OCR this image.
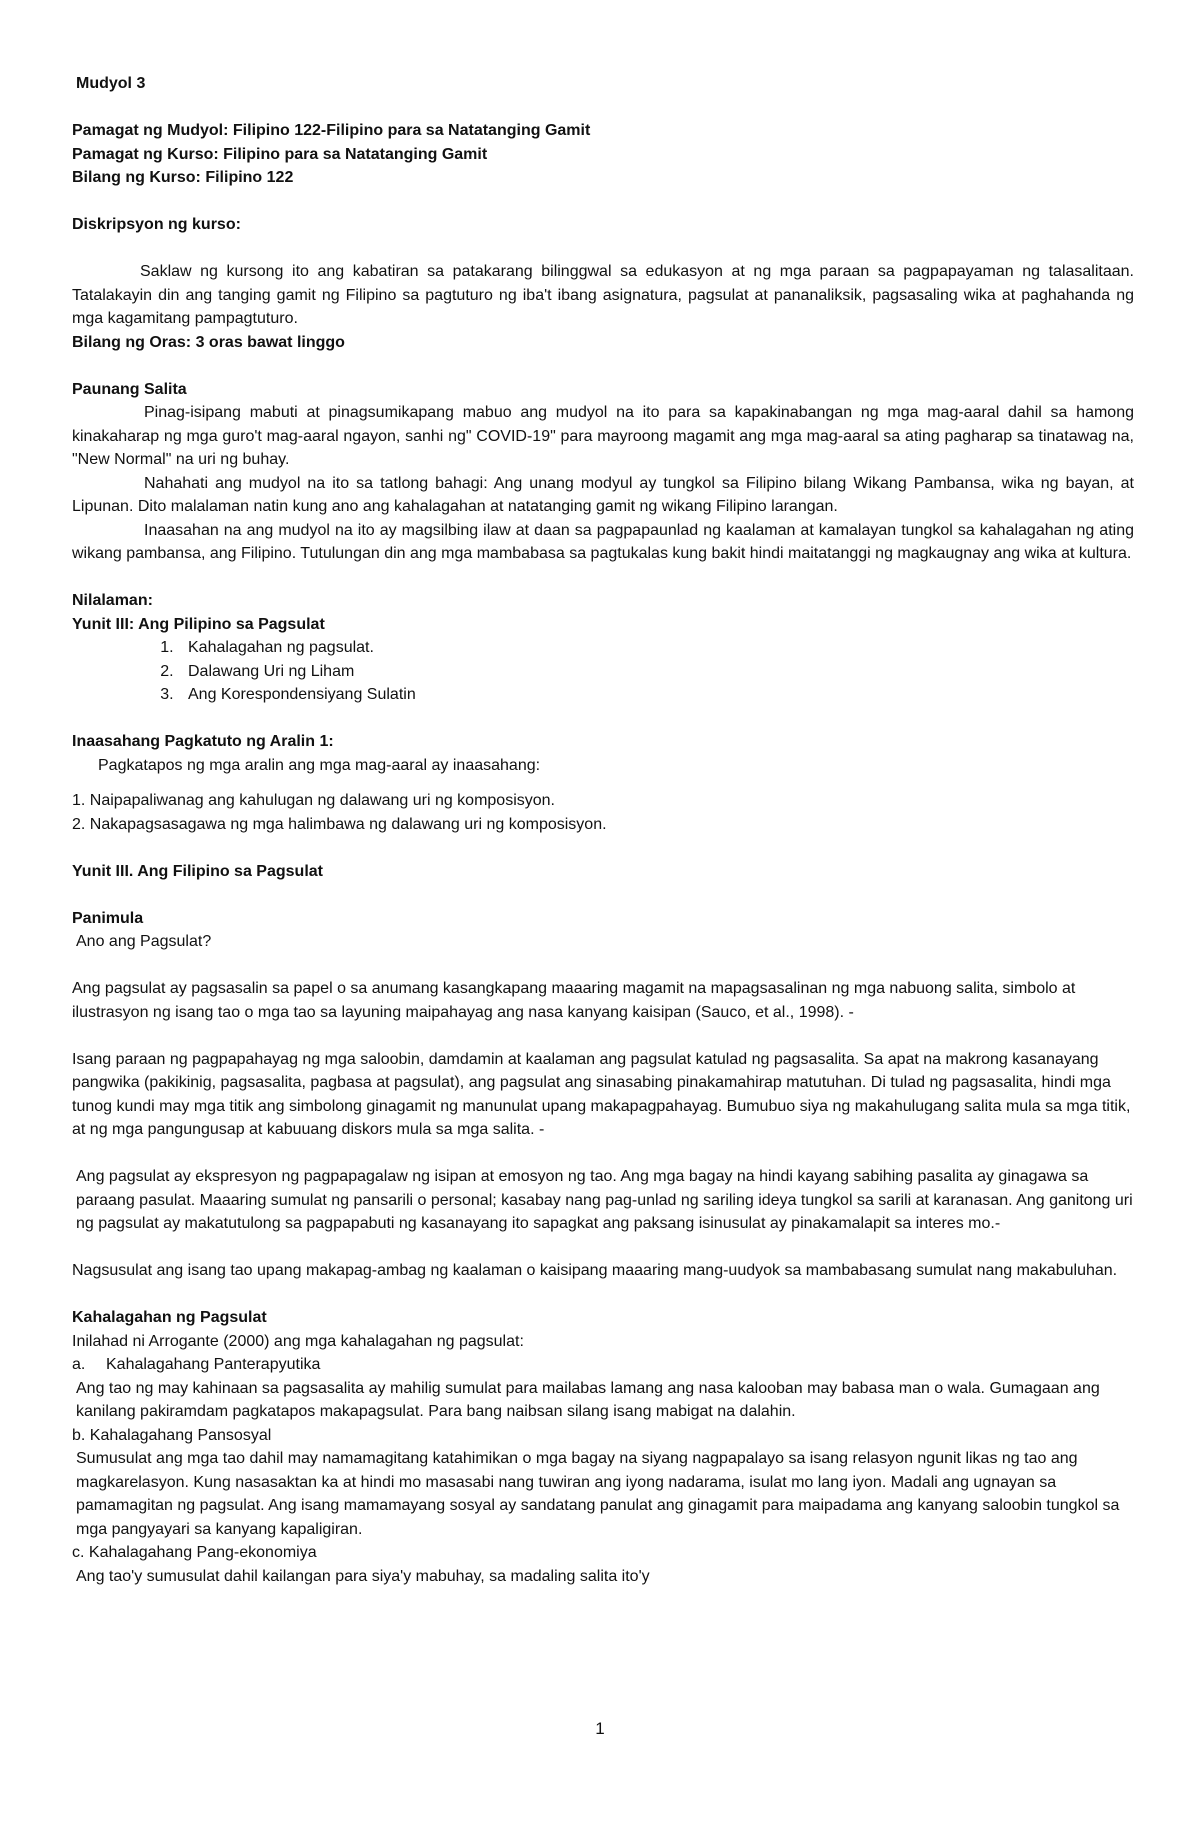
Mudyol 3
Pamagat ng Mudyol: Filipino 122-Filipino para sa Natatanging Gamit
Pamagat ng Kurso: Filipino para sa Natatanging Gamit
Bilang ng Kurso: Filipino 122
Diskripsyon ng kurso:
Saklaw ng kursong ito ang kabatiran sa patakarang bilinggwal sa edukasyon at ng mga paraan sa pagpapayaman ng talasalitaan. Tatalakayin din ang tanging gamit ng Filipino sa pagtuturo ng iba't ibang asignatura, pagsulat at pananaliksik, pagsasaling wika at paghahanda ng mga kagamitang pampagtuturo.
Bilang ng Oras: 3 oras bawat linggo
Paunang Salita
Pinag-isipang mabuti at pinagsumikapang mabuo ang mudyol na ito para sa kapakinabangan ng mga mag-aaral dahil sa hamong kinakaharap ng mga guro't mag-aaral ngayon, sanhi ng" COVID-19" para mayroong magamit ang mga mag-aaral sa ating pagharap sa tinatawag na, "New Normal" na uri ng buhay.
Nahahati ang mudyol na ito sa tatlong bahagi: Ang unang modyul ay tungkol sa Filipino bilang Wikang Pambansa, wika ng bayan, at Lipunan. Dito malalaman natin kung ano ang kahalagahan at natatanging gamit ng wikang Filipino larangan.
Inaasahan na ang mudyol na ito ay magsilbing ilaw at daan sa pagpapaunlad ng kaalaman at kamalayan tungkol sa kahalagahan ng ating wikang pambansa, ang Filipino. Tutulungan din ang mga mambabasa sa pagtukalas kung bakit hindi maitatanggi ng magkaugnay ang wika at kultura.
Nilalaman:
Yunit III: Ang Pilipino sa Pagsulat
1. Kahalagahan ng pagsulat.
2. Dalawang Uri ng Liham
3. Ang Korespondensiyang Sulatin
Inaasahang Pagkatuto ng Aralin 1:
Pagkatapos ng mga aralin ang mga mag-aaral ay inaasahang:
1. Naipapaliwanag ang kahulugan ng dalawang uri ng komposisyon.
2. Nakapagsasagawa ng mga halimbawa ng dalawang uri ng komposisyon.
Yunit III. Ang Filipino sa Pagsulat
Panimula
Ano ang Pagsulat?
Ang pagsulat ay pagsasalin sa papel o sa anumang kasangkapang maaaring magamit na mapagsasalinan ng mga nabuong salita, simbolo at ilustrasyon ng isang tao o mga tao sa layuning maipahayag ang nasa kanyang kaisipan (Sauco, et al., 1998). -
Isang paraan ng pagpapahayag ng mga saloobin, damdamin at kaalaman ang pagsulat katulad ng pagsasalita. Sa apat na makrong kasanayang pangwika (pakikinig, pagsasalita, pagbasa at pagsulat), ang pagsulat ang sinasabing pinakamahirap matutuhan. Di tulad ng pagsasalita, hindi mga tunog kundi may mga titik ang simbolong ginagamit ng manunulat upang makapagpahayag. Bumubuo siya ng makahulugang salita mula sa mga titik, at ng mga pangungusap at kabuuang diskors mula sa mga salita. -
Ang pagsulat ay ekspresyon ng pagpapagalaw ng isipan at emosyon ng tao. Ang mga bagay na hindi kayang sabihing pasalita ay ginagawa sa paraang pasulat. Maaaring sumulat ng pansarili o personal; kasabay nang pag-unlad ng sariling ideya tungkol sa sarili at karanasan. Ang ganitong uri ng pagsulat ay makatutulong sa pagpapabuti ng kasanayang ito sapagkat ang paksang isinusulat ay pinakamalapit sa interes mo.-
Nagsusulat ang isang tao upang makapag-ambag ng kaalaman o kaisipang maaaring mang-uudyok sa mambabasang sumulat nang makabuluhan.
Kahalagahan ng Pagsulat
Inilahad ni Arrogante (2000) ang mga kahalagahan ng pagsulat:
a.	Kahalagahang Panterapyutika
Ang tao ng may kahinaan sa pagsasalita ay mahilig sumulat para mailabas lamang ang nasa kalooban may babasa man o wala. Gumagaan ang kanilang pakiramdam pagkatapos makapagsulat. Para bang naibsan silang isang mabigat na dalahin.
b. Kahalagahang Pansosyal
Sumusulat ang mga tao dahil may namamagitang katahimikan o mga bagay na siyang nagpapalayo sa isang relasyon ngunit likas ng tao ang magkarelasyon. Kung nasasaktan ka at hindi mo masasabi nang tuwiran ang iyong nadarama, isulat mo lang iyon. Madali ang ugnayan sa pamamagitan ng pagsulat. Ang isang mamamayang sosyal ay sandatang panulat ang ginagamit para maipadama ang kanyang saloobin tungkol sa mga pangyayari sa kanyang kapaligiran.
c. Kahalagahang Pang-ekonomiya
Ang tao'y sumusulat dahil kailangan para siya'y mabuhay, sa madaling salita ito'y
1
